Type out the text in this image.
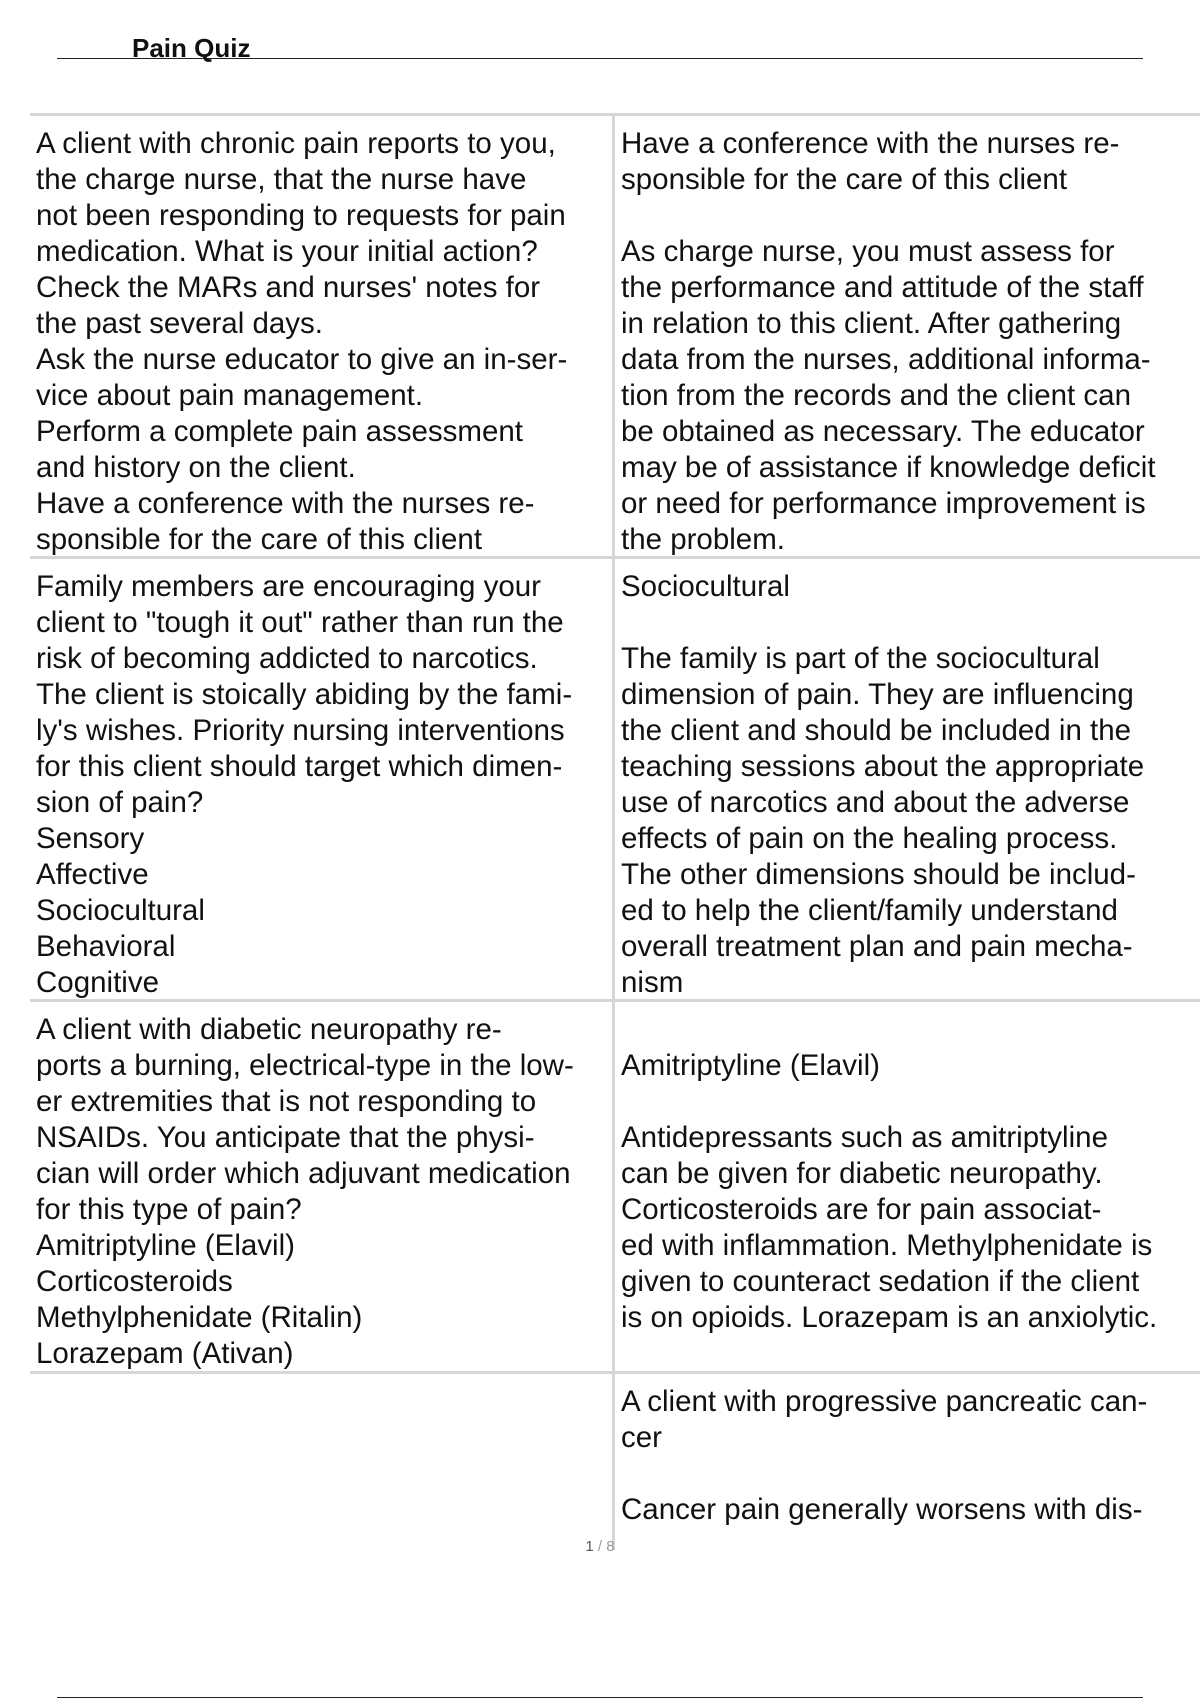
Pain Quiz
A client with chronic pain reports to you,
the charge nurse, that the nurse have
not been responding to requests for pain
medication. What is your initial action?
Check the MARs and nurses' notes for
the past several days.
Ask the nurse educator to give an in-ser-
vice about pain management.
Perform a complete pain assessment
and history on the client.
Have a conference with the nurses re-
sponsible for the care of this client
Have a conference with the nurses re-
sponsible for the care of this client

As charge nurse, you must assess for
the performance and attitude of the staff
in relation to this client. After gathering
data from the nurses, additional informa-
tion from the records and the client can
be obtained as necessary. The educator
may be of assistance if knowledge deficit
or need for performance improvement is
the problem.
Family members are encouraging your
client to "tough it out" rather than run the
risk of becoming addicted to narcotics.
The client is stoically abiding by the fami-
ly's wishes. Priority nursing interventions
for this client should target which dimen-
sion of pain?
Sensory
Affective
Sociocultural
Behavioral
Cognitive
Sociocultural

The family is part of the sociocultural
dimension of pain. They are influencing
the client and should be included in the
teaching sessions about the appropriate
use of narcotics and about the adverse
effects of pain on the healing process.
The other dimensions should be includ-
ed to help the client/family understand
overall treatment plan and pain mecha-
nism
A client with diabetic neuropathy re-
ports a burning, electrical-type in the low-
er extremities that is not responding to
NSAIDs. You anticipate that the physi-
cian will order which adjuvant medication
for this type of pain?
Amitriptyline (Elavil)
Corticosteroids
Methylphenidate (Ritalin)
Lorazepam (Ativan)
Amitriptyline (Elavil)

Antidepressants such as amitriptyline
can be given for diabetic neuropathy.
Corticosteroids are for pain associat-
ed with inflammation. Methylphenidate is
given to counteract sedation if the client
is on opioids. Lorazepam is an anxiolytic.
A client with progressive pancreatic can-
cer

Cancer pain generally worsens with dis-
1 / 8
